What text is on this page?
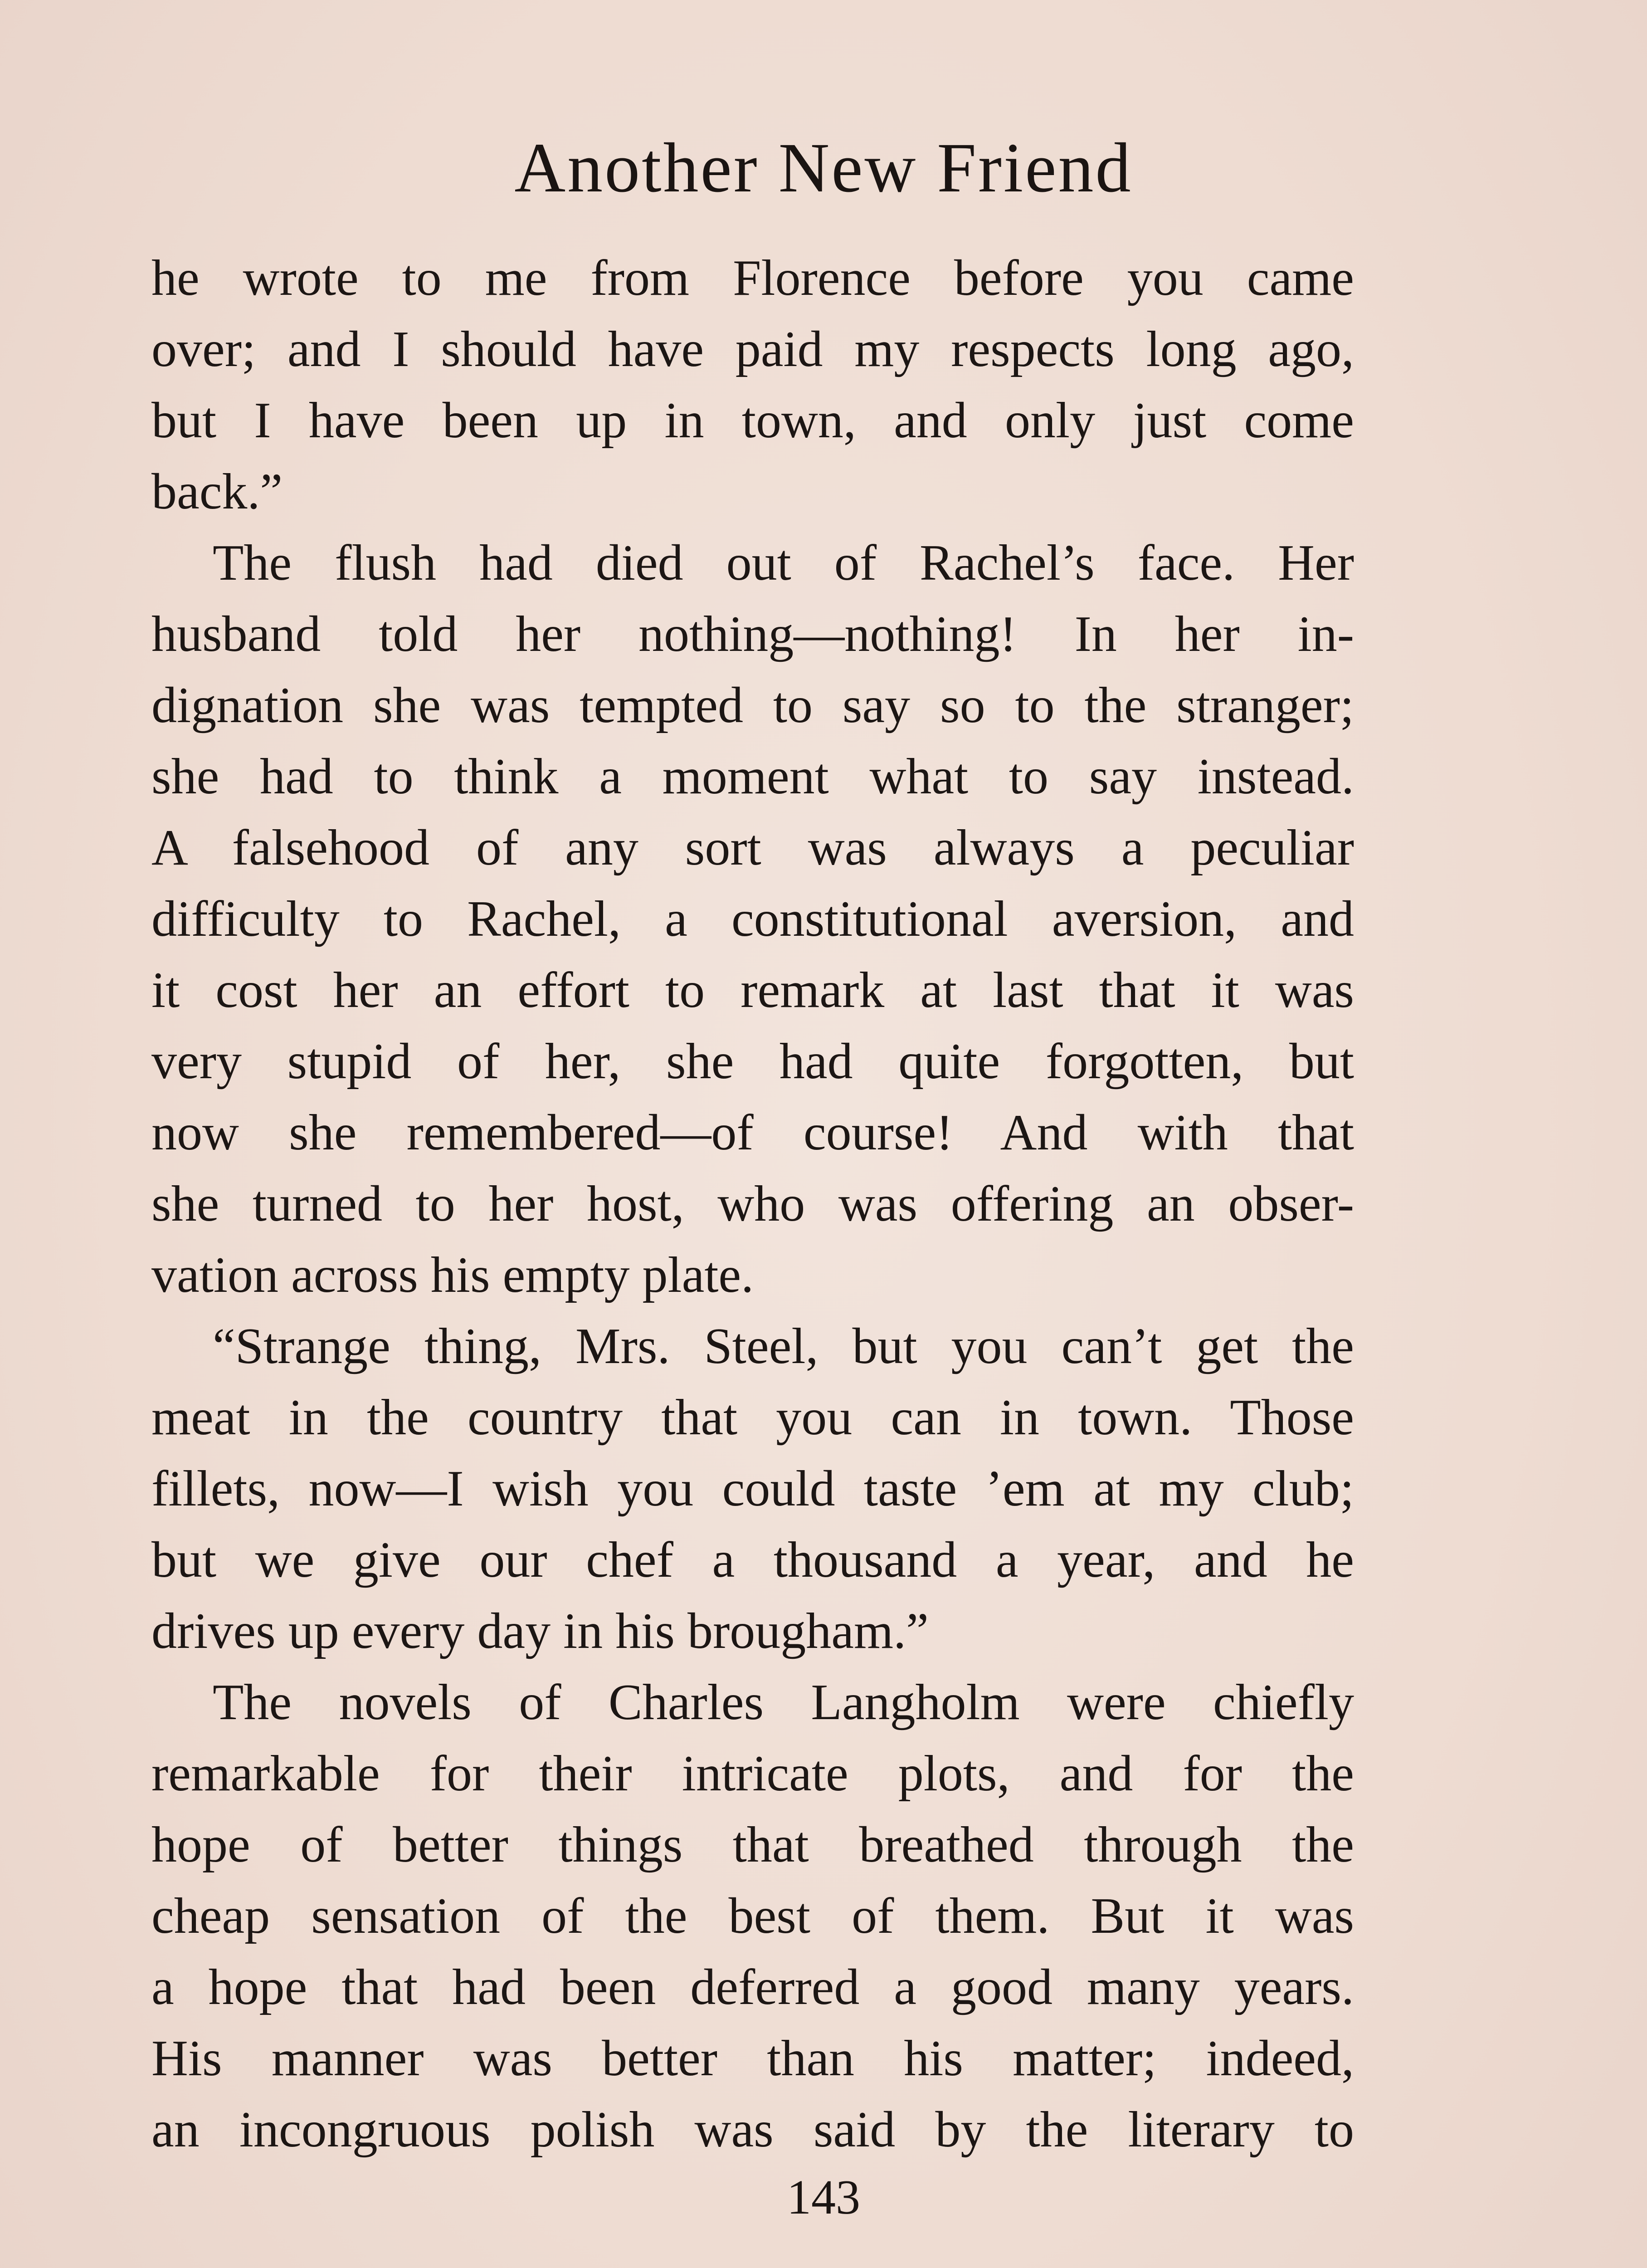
Another New Friend
he wrote to me from Florence before you came
over; and I should have paid my respects long ago,
but I have been up in town, and only just come
back.”
The flush had died out of Rachel’s face. Her
husband told her nothing—nothing! In her in-
dignation she was tempted to say so to the stranger;
she had to think a moment what to say instead.
A falsehood of any sort was always a peculiar
difficulty to Rachel, a constitutional aversion, and
it cost her an effort to remark at last that it was
very stupid of her, she had quite forgotten, but
now she remembered—of course! And with that
she turned to her host, who was offering an obser-
vation across his empty plate.
“Strange thing, Mrs. Steel, but you can’t get the
meat in the country that you can in town. Those
fillets, now—I wish you could taste ’em at my club;
but we give our chef a thousand a year, and he
drives up every day in his brougham.”
The novels of Charles Langholm were chiefly
remarkable for their intricate plots, and for the
hope of better things that breathed through the
cheap sensation of the best of them. But it was
a hope that had been deferred a good many years.
His manner was better than his matter; indeed,
an incongruous polish was said by the literary to
143
